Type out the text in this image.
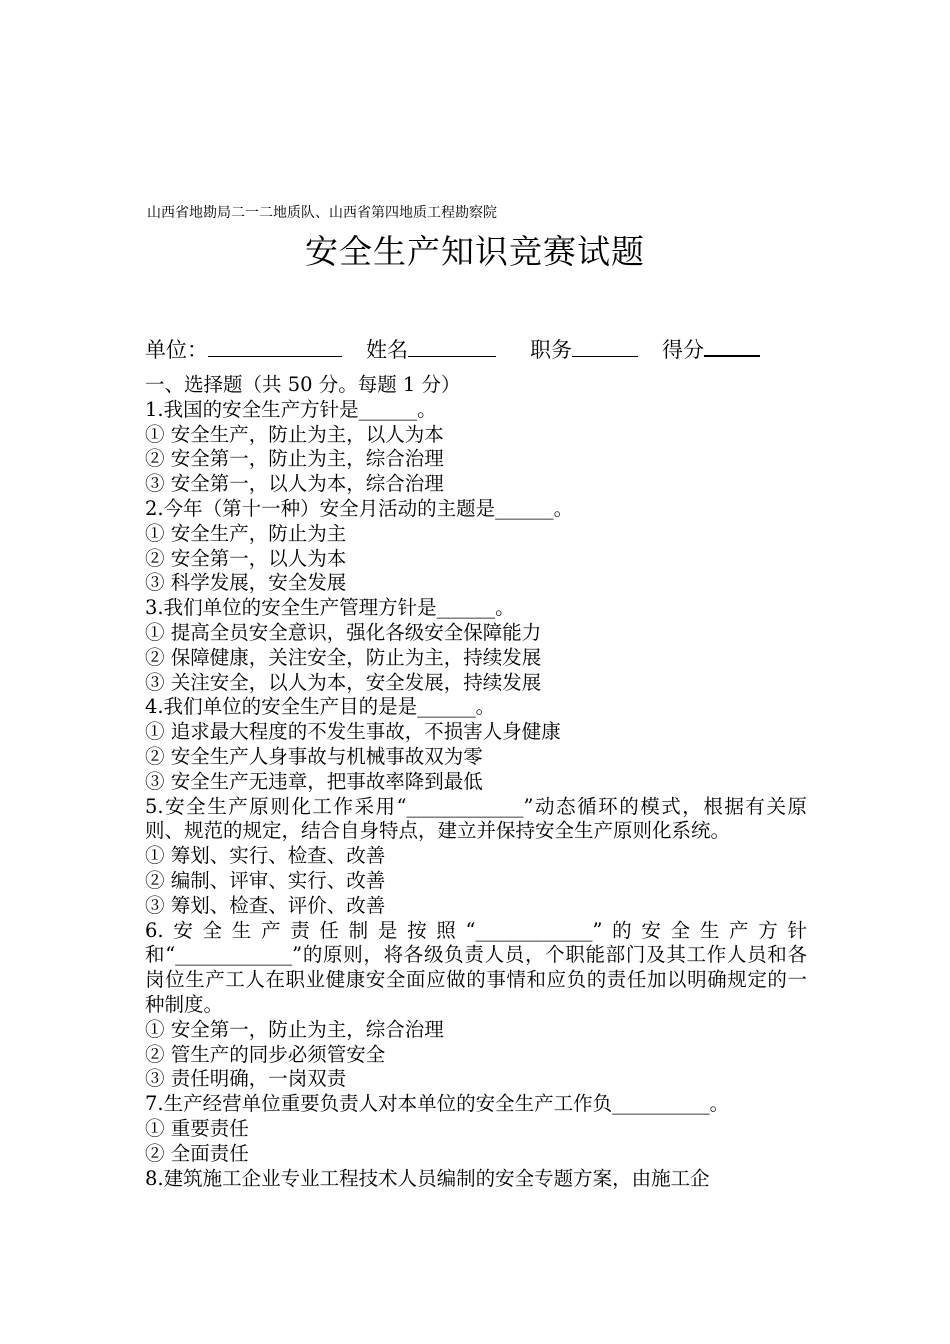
山西省地勘局二一二地质队、山西省第四地质工程勘察院
安全生产知识竞赛试题
单位：	姓名	职务	得分

一、选择题（共 50 分。每题 1 分）

1.我国的安全生产方针是______。

① 安全生产，防止为主，以人为本

② 安全第一，防止为主，综合治理

③ 安全第一，以人为本，综合治理

2.今年（第十一种）安全月活动的主题是______。

① 安全生产，防止为主

② 安全第一，以人为本

③ 科学发展，安全发展

3.我们单位的安全生产管理方针是______。

① 提高全员安全意识，强化各级安全保障能力

② 保障健康，关注安全，防止为主，持续发展

③ 关注安全，以人为本，安全发展，持续发展

4.我们单位的安全生产目的是是______。

① 追求最大程度的不发生事故，不损害人身健康

② 安全生产人身事故与机械事故双为零

③ 安全生产无违章，把事故率降到最低

5.安全生产原则化工作采用“____________”动态循环的模式，根据有关原则、规范的规定，结合自身特点，建立并保持安全生产原则化系统。

① 筹划、实行、检查、改善

② 编制、评审、实行、改善

③ 筹划、检查、评价、改善

6.安全生产责任制是按照“____________”的安全生产方针和“____________”的原则，将各级负责人员，个职能部门及其工作人员和各岗位生产工人在职业健康安全面应做的事情和应负的责任加以明确规定的一种制度。

① 安全第一，防止为主，综合治理

② 管生产的同步必须管安全

③ 责任明确，一岗双责

7.生产经营单位重要负责人对本单位的安全生产工作负__________。

① 重要责任

② 全面责任

8.建筑施工企业专业工程技术人员编制的安全专题方案，由施工企
